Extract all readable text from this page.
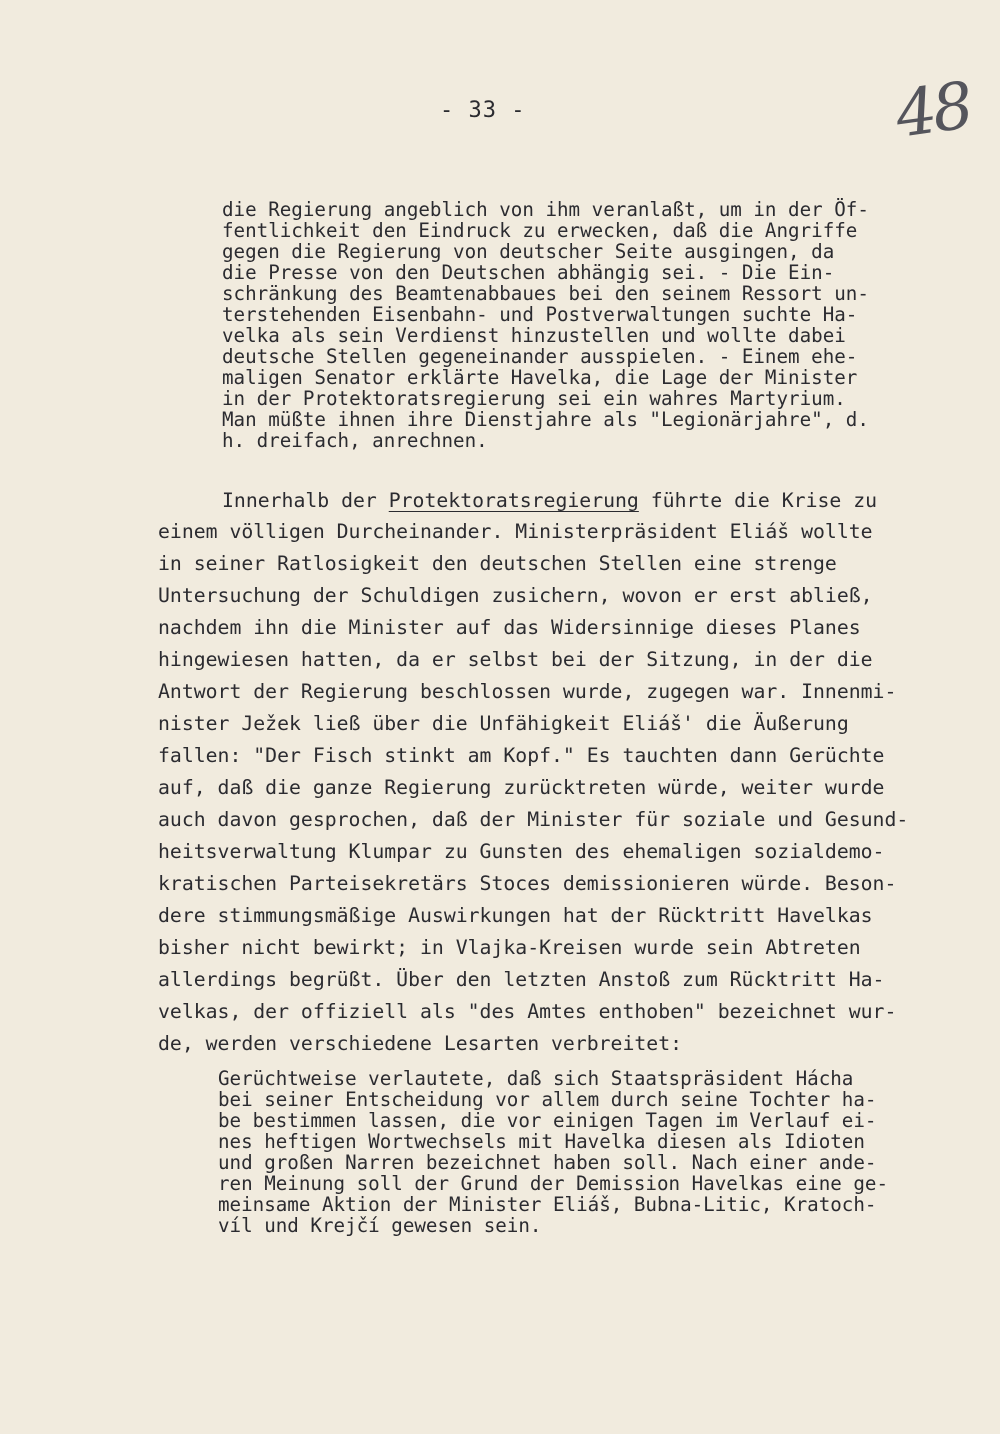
- 33 -	48
die Regierung angeblich von ihm veranlaßt, um in der Öf-
fentlichkeit den Eindruck zu erwecken, daß die Angriffe
gegen die Regierung von deutscher Seite ausgingen, da
die Presse von den Deutschen abhängig sei. - Die Ein-
schränkung des Beamtenabbaues bei den seinem Ressort un-
terstehenden Eisenbahn- und Postverwaltungen suchte Ha-
velka als sein Verdienst hinzustellen und wollte dabei
deutsche Stellen gegeneinander ausspielen. - Einem ehe-
maligen Senator erklärte Havelka, die Lage der Minister
in der Protektoratsregierung sei ein wahres Martyrium.
Man müßte ihnen ihre Dienstjahre als "Legionärjahre", d.
h. dreifach, anrechnen.
Innerhalb der Protektoratsregierung führte die Krise zu
einem völligen Durcheinander. Ministerpräsident Eliáš wollte
in seiner Ratlosigkeit den deutschen Stellen eine strenge
Untersuchung der Schuldigen zusichern, wovon er erst abließ,
nachdem ihn die Minister auf das Widersinnige dieses Planes
hingewiesen hatten, da er selbst bei der Sitzung, in der die
Antwort der Regierung beschlossen wurde, zugegen war. Innenmi-
nister Ježek ließ über die Unfähigkeit Eliáš' die Äußerung
fallen: "Der Fisch stinkt am Kopf." Es tauchten dann Gerüchte
auf, daß die ganze Regierung zurücktreten würde, weiter wurde
auch davon gesprochen, daß der Minister für soziale und Gesund-
heitsverwaltung Klumpar zu Gunsten des ehemaligen sozialdemo-
kratischen Parteisekretärs Stoces demissionieren würde. Beson-
dere stimmungsmäßige Auswirkungen hat der Rücktritt Havelkas
bisher nicht bewirkt; in Vlajka-Kreisen wurde sein Abtreten
allerdings begrüßt. Über den letzten Anstoß zum Rücktritt Ha-
velkas, der offiziell als "des Amtes enthoben" bezeichnet wur-
de, werden verschiedene Lesarten verbreitet:
Gerüchtweise verlautete, daß sich Staatspräsident Hácha
bei seiner Entscheidung vor allem durch seine Tochter ha-
be bestimmen lassen, die vor einigen Tagen im Verlauf ei-
nes heftigen Wortwechsels mit Havelka diesen als Idioten
und großen Narren bezeichnet haben soll. Nach einer ande-
ren Meinung soll der Grund der Demission Havelkas eine ge-
meinsame Aktion der Minister Eliáš, Bubna-Litic, Kratoch-
víl und Krejčí gewesen sein.
